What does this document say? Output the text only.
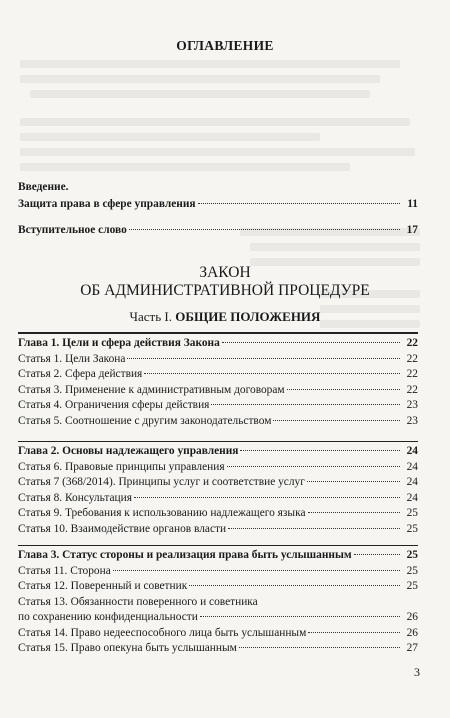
ОГЛАВЛЕНИЕ
Введение.
Защита права в сфере управления	11
Вступительное слово	17
ЗАКОН
ОБ АДМИНИСТРАТИВНОЙ ПРОЦЕДУРЕ
Часть I. ОБЩИЕ ПОЛОЖЕНИЯ
Глава 1. Цели и сфера действия Закона	22
Статья 1. Цели Закона	22
Статья 2. Сфера действия	22
Статья 3. Применение к административным договорам	22
Статья 4. Ограничения сферы действия	23
Статья 5. Соотношение с другим законодательством	23
Глава 2. Основы надлежащего управления	24
Статья 6. Правовые принципы управления	24
Статья 7 (368/2014). Принципы услуг и соответствие услуг	24
Статья 8. Консультация	24
Статья 9. Требования к использованию надлежащего языка	25
Статья 10. Взаимодействие органов власти	25
Глава 3. Статус стороны и реализация права быть услышанным	25
Статья 11. Сторона	25
Статья 12. Поверенный и советник	25
Статья 13. Обязанности поверенного и советника
по сохранению конфиденциальности	26
Статья 14. Право недееспособного лица быть услышанным	26
Статья 15. Право опекуна быть услышанным	27
3
